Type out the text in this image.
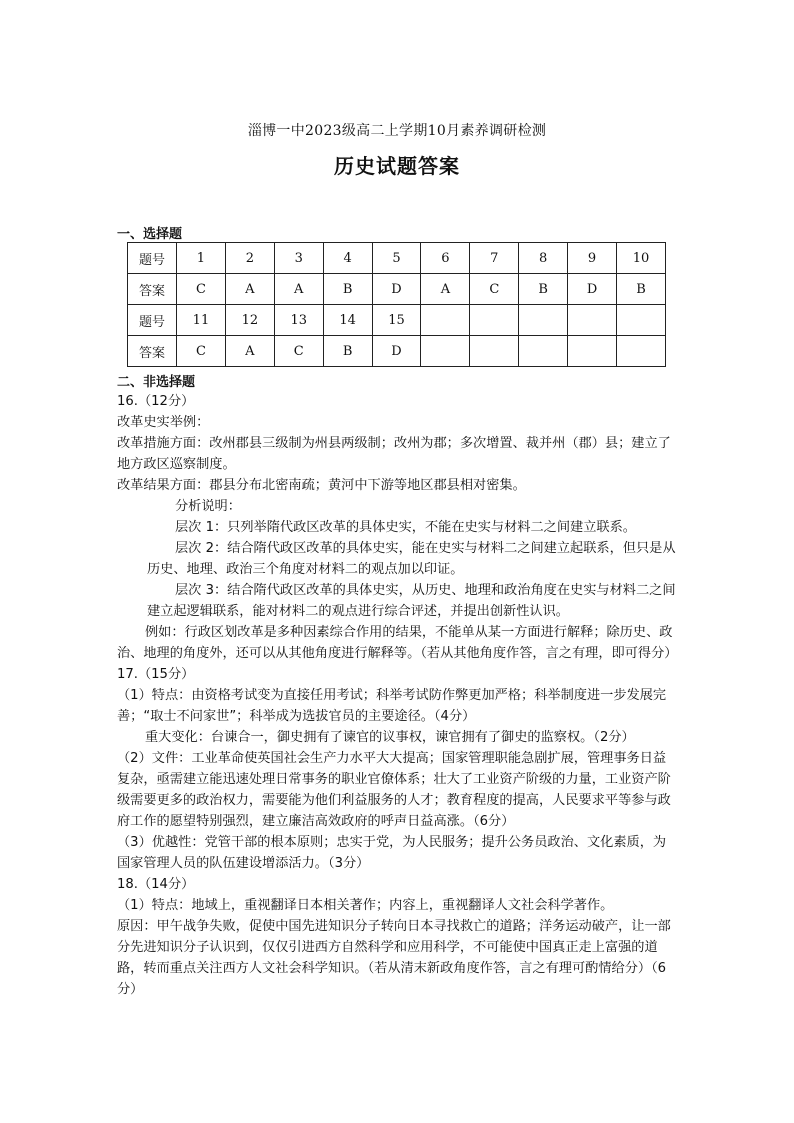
淄博一中2023级高二上学期10月素养调研检测
历史试题答案
一、选择题
题号	1	2	3	4	5	6	7	8	9	10
答案	C	A	A	B	D	A	C	B	D	B
题号	11	12	13	14	15					
答案	C	A	C	B	D					
二、非选择题

16.（12分）

改革史实举例：

改革措施方面：改州郡县三级制为州县两级制；改州为郡；多次增置、裁并州（郡）县；建立了地方政区巡察制度。

改革结果方面：郡县分布北密南疏；黄河中下游等地区郡县相对密集。

分析说明：

层次 1：只列举隋代政区改革的具体史实，不能在史实与材料二之间建立联系。

层次 2：结合隋代政区改革的具体史实，能在史实与材料二之间建立起联系，但只是从历史、地理、政治三个角度对材料二的观点加以印证。

层次 3：结合隋代政区改革的具体史实，从历史、地理和政治角度在史实与材料二之间建立起逻辑联系，能对材料二的观点进行综合评述，并提出创新性认识。

例如：行政区划改革是多种因素综合作用的结果，不能单从某一方面进行解释；除历史、政治、地理的角度外，还可以从其他角度进行解释等。（若从其他角度作答，言之有理，即可得分）

17.（15分）

（1）特点：由资格考试变为直接任用考试；科举考试防作弊更加严格；科举制度进一步发展完善；“取士不问家世”；科举成为选拔官员的主要途径。（4分）

重大变化：台谏合一，御史拥有了谏官的议事权，谏官拥有了御史的监察权。（2分）

（2）文件：工业革命使英国社会生产力水平大大提高；国家管理职能急剧扩展，管理事务日益复杂，亟需建立能迅速处理日常事务的职业官僚体系；壮大了工业资产阶级的力量，工业资产阶级需要更多的政治权力，需要能为他们利益服务的人才；教育程度的提高，人民要求平等参与政府工作的愿望特别强烈，建立廉洁高效政府的呼声日益高涨。（6分）

（3）优越性：党管干部的根本原则；忠实于党，为人民服务；提升公务员政治、文化素质，为国家管理人员的队伍建设增添活力。（3分）

18.（14分）

（1）特点：地域上，重视翻译日本相关著作；内容上，重视翻译人文社会科学著作。

原因：甲午战争失败，促使中国先进知识分子转向日本寻找救亡的道路；洋务运动破产，让一部分先进知识分子认识到，仅仅引进西方自然科学和应用科学，不可能使中国真正走上富强的道路，转而重点关注西方人文社会科学知识。（若从清末新政角度作答，言之有理可酌情给分）（6分）
